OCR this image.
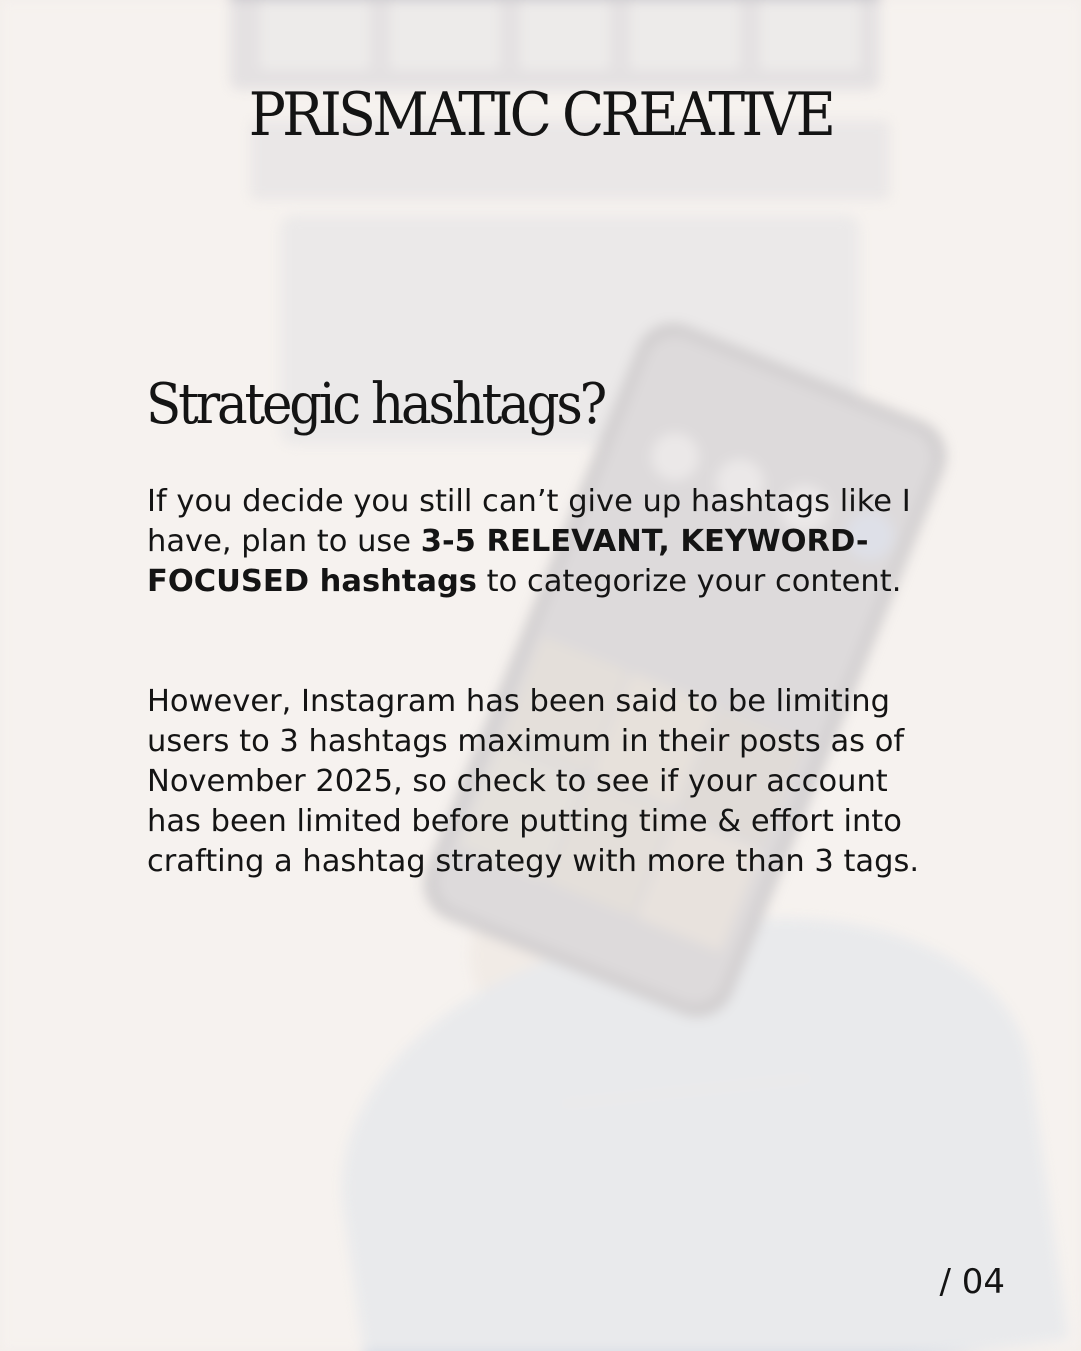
PRISMATIC CREATIVE
Strategic hashtags?

If you decide you still can’t give up hashtags like I have, plan to use 3-5 RELEVANT, KEYWORD-FOCUSED hashtags to categorize your content.

However, Instagram has been said to be limiting users to 3 hashtags maximum in their posts as of November 2025, so check to see if your account has been limited before putting time & effort into crafting a hashtag strategy with more than 3 tags.

/ 04
